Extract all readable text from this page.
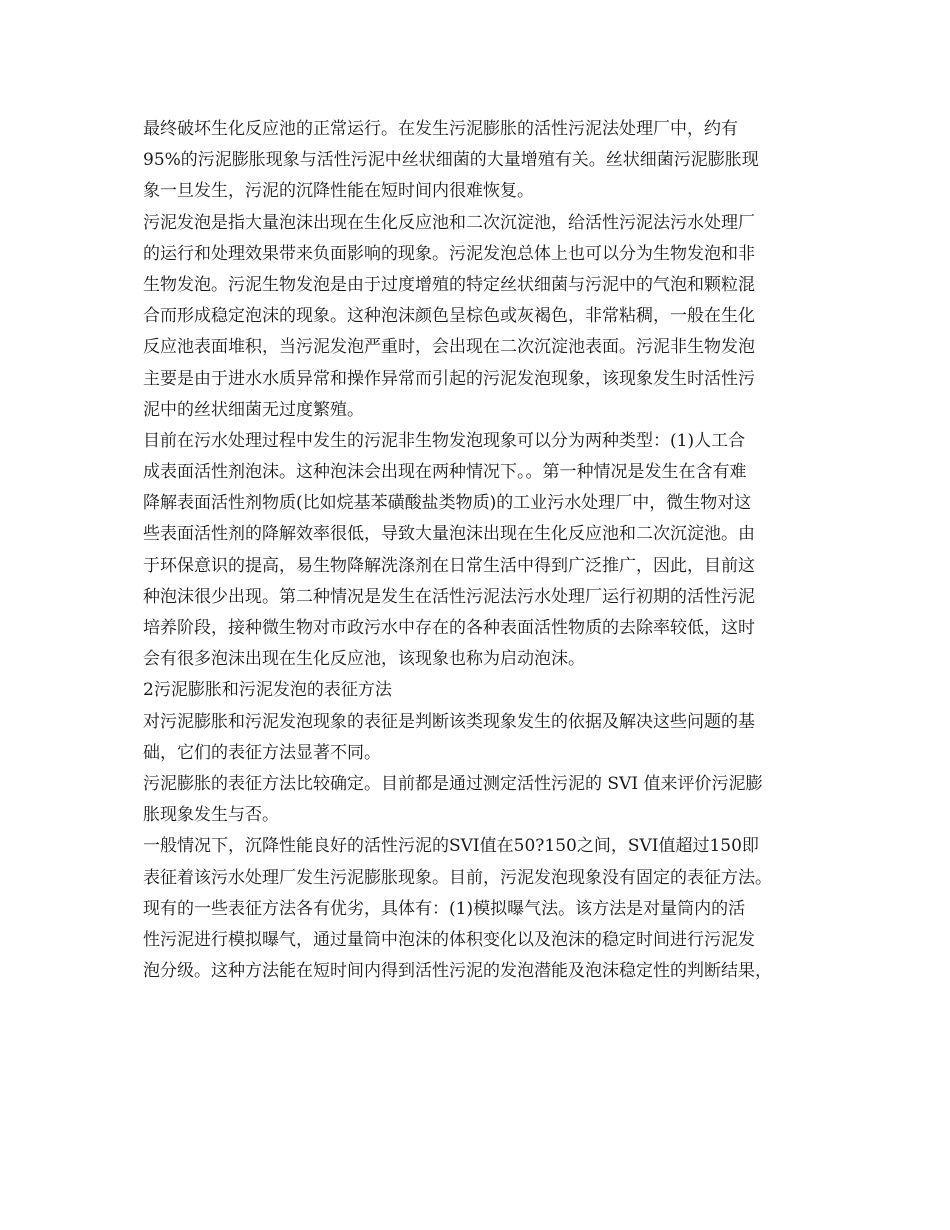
最终破坏生化反应池的正常运行。在发生污泥膨胀的活性污泥法处理厂中，约有
95%的污泥膨胀现象与活性污泥中丝状细菌的大量增殖有关。丝状细菌污泥膨胀现
象一旦发生，污泥的沉降性能在短时间内很难恢复。
污泥发泡是指大量泡沫出现在生化反应池和二次沉淀池，给活性污泥法污水处理厂
的运行和处理效果带来负面影响的现象。污泥发泡总体上也可以分为生物发泡和非
生物发泡。污泥生物发泡是由于过度增殖的特定丝状细菌与污泥中的气泡和颗粒混
合而形成稳定泡沫的现象。这种泡沫颜色呈棕色或灰褐色，非常粘稠，一般在生化
反应池表面堆积，当污泥发泡严重时，会出现在二次沉淀池表面。污泥非生物发泡
主要是由于进水水质异常和操作异常而引起的污泥发泡现象，该现象发生时活性污
泥中的丝状细菌无过度繁殖。
目前在污水处理过程中发生的污泥非生物发泡现象可以分为两种类型：(1)人工合
成表面活性剂泡沫。这种泡沫会出现在两种情况下。。第一种情况是发生在含有难
降解表面活性剂物质(比如烷基苯磺酸盐类物质)的工业污水处理厂中，微生物对这
些表面活性剂的降解效率很低，导致大量泡沫出现在生化反应池和二次沉淀池。由
于环保意识的提高，易生物降解洗涤剂在日常生活中得到广泛推广，因此，目前这
种泡沫很少出现。第二种情况是发生在活性污泥法污水处理厂运行初期的活性污泥
培养阶段，接种微生物对市政污水中存在的各种表面活性物质的去除率较低，这时
会有很多泡沫出现在生化反应池，该现象也称为启动泡沫。
2污泥膨胀和污泥发泡的表征方法
对污泥膨胀和污泥发泡现象的表征是判断该类现象发生的依据及解决这些问题的基
础，它们的表征方法显著不同。
污泥膨胀的表征方法比较确定。目前都是通过测定活性污泥的 SVI 值来评价污泥膨
胀现象发生与否。
一般情况下，沉降性能良好的活性污泥的SVI值在50?150之间，SVI值超过150即
表征着该污水处理厂发生污泥膨胀现象。目前，污泥发泡现象没有固定的表征方法。
现有的一些表征方法各有优劣，具体有：(1)模拟曝气法。该方法是对量筒内的活
性污泥进行模拟曝气，通过量筒中泡沫的体积变化以及泡沫的稳定时间进行污泥发
泡分级。这种方法能在短时间内得到活性污泥的发泡潜能及泡沫稳定性的判断结果，
